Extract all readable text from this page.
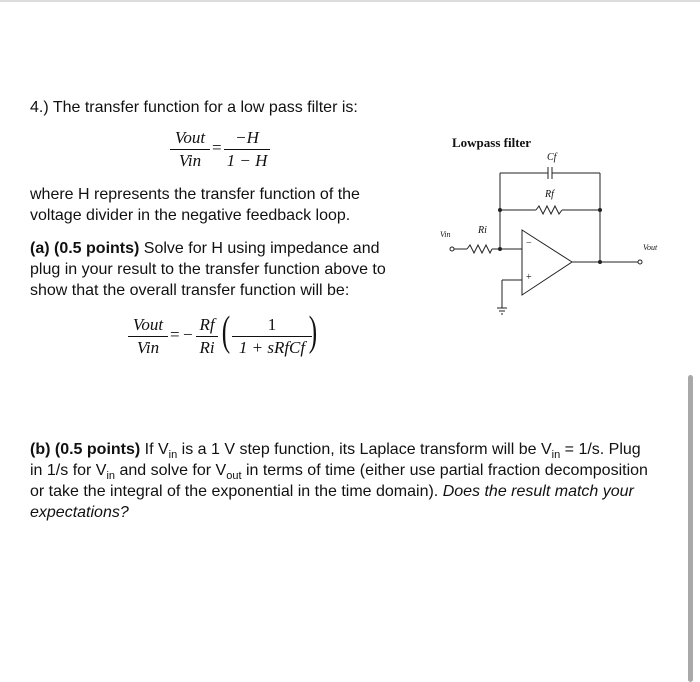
4.) The transfer function for a low pass filter is:
Vout
Vin
=
−H
1 − H
where H represents the transfer function of the
voltage divider in the negative feedback loop.
(a) (0.5 points) Solve for H using impedance and
plug in your result to the transfer function above to
show that the overall transfer function will be:
Vout
Vin
= −
Rf
Ri ( 1
1 + sRfCf )
(b) (0.5 points) If $V_{in}$ is a 1 V step function, its Laplace transform will be $V_{in} = 1/s$. Plug
in 1/s for $V_{in}$ and solve for $V_{out}$ in terms of time (either use partial fraction decomposition
or take the integral of the exponential in the time domain). Does the result match your
expectations?
Lowpass filter
Cf
Rf
Ri
Vin
Vout
−
+
